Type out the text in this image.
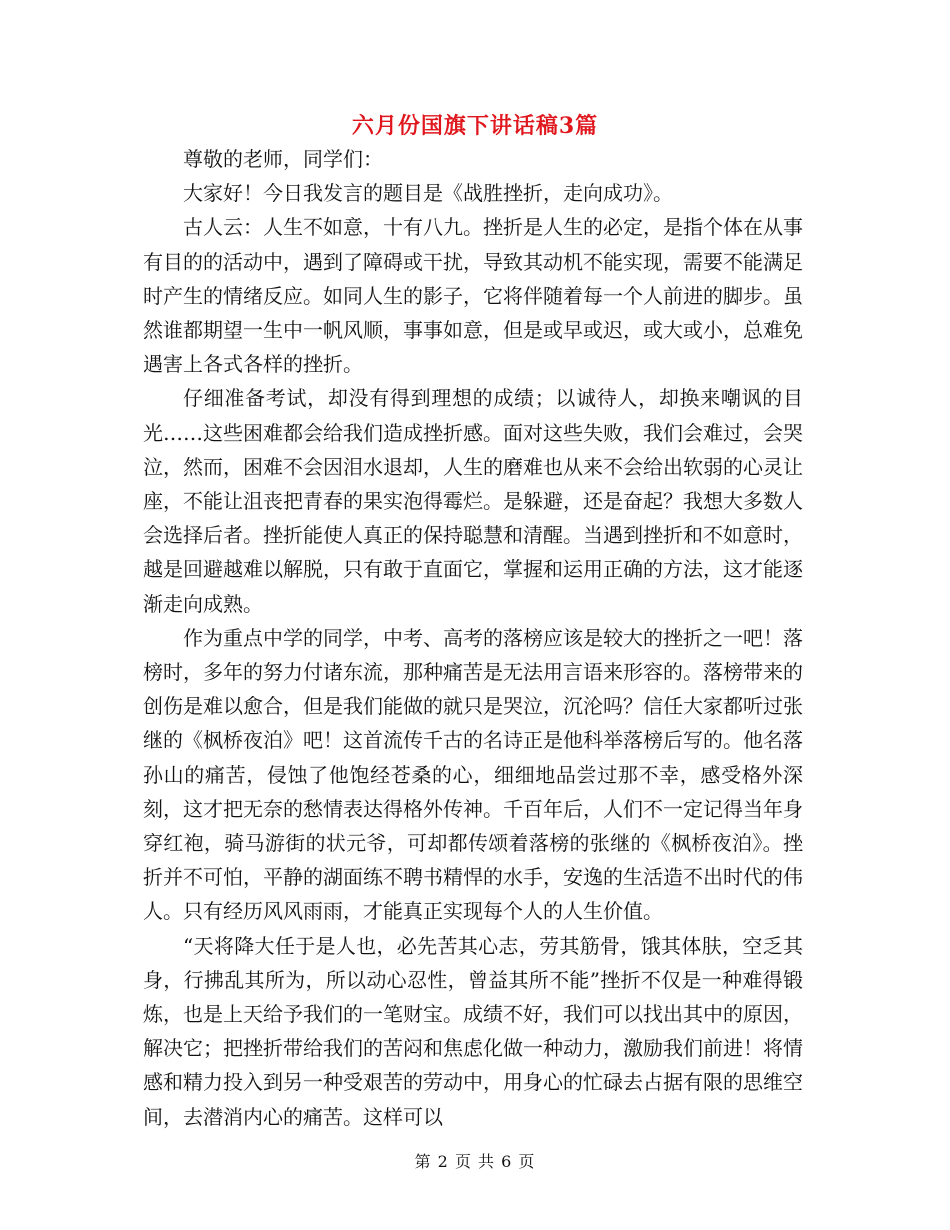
六月份国旗下讲话稿3篇

尊敬的老师，同学们：

大家好！今日我发言的题目是《战胜挫折，走向成功》。

古人云：人生不如意，十有八九。挫折是人生的必定，是指个体在从事有目的的活动中，遇到了障碍或干扰，导致其动机不能实现，需要不能满足时产生的情绪反应。如同人生的影子，它将伴随着每一个人前进的脚步。虽然谁都期望一生中一帆风顺，事事如意，但是或早或迟，或大或小，总难免遇害上各式各样的挫折。

仔细准备考试，却没有得到理想的成绩；以诚待人，却换来嘲讽的目光……这些困难都会给我们造成挫折感。面对这些失败，我们会难过，会哭泣，然而，困难不会因泪水退却，人生的磨难也从来不会给出软弱的心灵让座，不能让沮丧把青春的果实泡得霉烂。是躲避，还是奋起？我想大多数人会选择后者。挫折能使人真正的保持聪慧和清醒。当遇到挫折和不如意时，越是回避越难以解脱，只有敢于直面它，掌握和运用正确的方法，这才能逐渐走向成熟。

作为重点中学的同学，中考、高考的落榜应该是较大的挫折之一吧！落榜时，多年的努力付诸东流，那种痛苦是无法用言语来形容的。落榜带来的创伤是难以愈合，但是我们能做的就只是哭泣，沉沦吗？信任大家都听过张继的《枫桥夜泊》吧！这首流传千古的名诗正是他科举落榜后写的。他名落孙山的痛苦，侵蚀了他饱经苍桑的心，细细地品尝过那不幸，感受格外深刻，这才把无奈的愁情表达得格外传神。千百年后，人们不一定记得当年身穿红袍，骑马游街的状元爷，可却都传颂着落榜的张继的《枫桥夜泊》。挫折并不可怕，平静的湖面练不聘书精悍的水手，安逸的生活造不出时代的伟人。只有经历风风雨雨，才能真正实现每个人的人生价值。

“天将降大任于是人也，必先苦其心志，劳其筋骨，饿其体肤，空乏其身，行拂乱其所为，所以动心忍性，曾益其所不能”挫折不仅是一种难得锻炼，也是上天给予我们的一笔财宝。成绩不好，我们可以找出其中的原因，解决它；把挫折带给我们的苦闷和焦虑化做一种动力，激励我们前进！将情感和精力投入到另一种受艰苦的劳动中，用身心的忙碌去占据有限的思维空间，去潜消内心的痛苦。这样可以

第 2 页 共 6 页
